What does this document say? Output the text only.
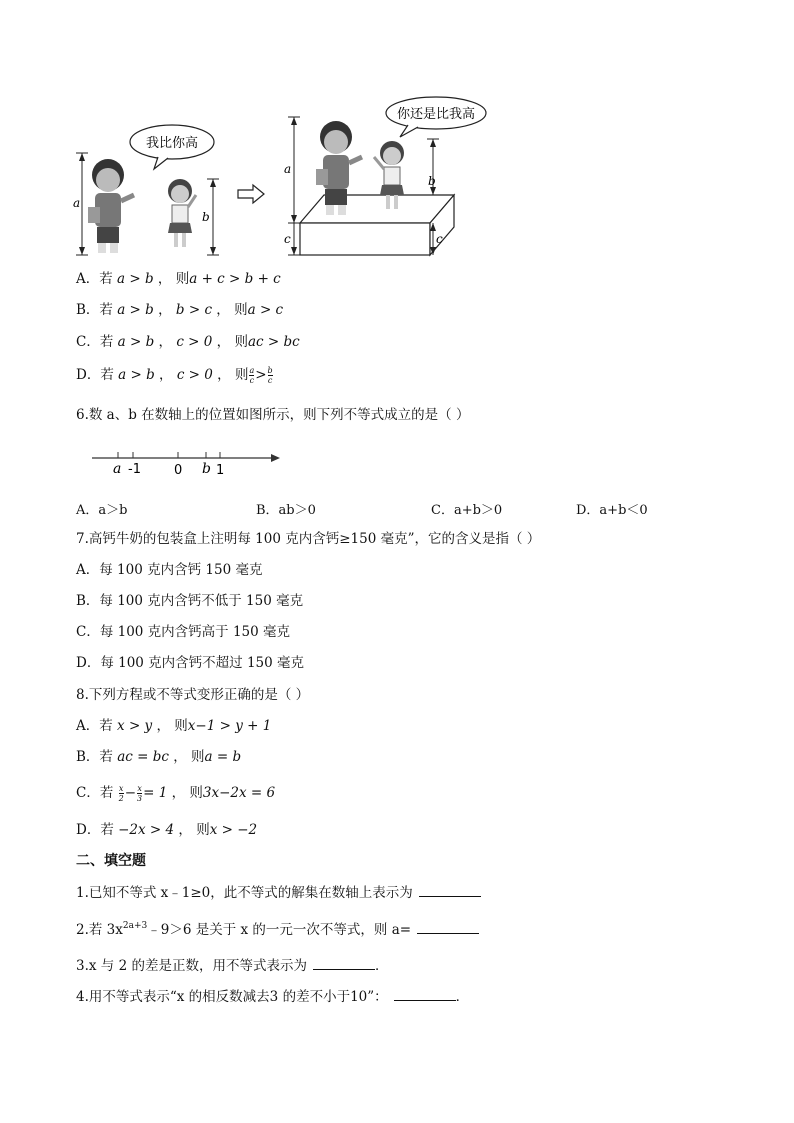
我比你高
a
b
a
c
你还是比我高
b
c
A．若 a > b ， 则a + c > b + c
B．若 a > b ， b > c ， 则a > c
C．若 a > b ， c > 0 ， 则ac > bc
D．若 a > b ， c > 0 ， 则 $\frac{a}{c} > \frac{b}{c}$
6.数 a、b 在数轴上的位置如图所示，则下列不等式成立的是（ ）
a -1	0 b 1
A．a＞b	B．ab＞0	C．a+b＞0	D．a+b＜0
7.高钙牛奶的包装盒上注明每 100 克内含钙≥150 毫克”，它的含义是指（ ）
A．每 100 克内含钙 150 毫克
B．每 100 克内含钙不低于 150 毫克
C．每 100 克内含钙高于 150 毫克
D．每 100 克内含钙不超过 150 毫克
8.下列方程或不等式变形正确的是（ ）
A．若 x > y ， 则x−1 > y + 1
B．若 ac = bc ， 则a = b
C．若 $\frac{x}{2} - \frac{x}{3} = 1$ ， 则3x−2x = 6
D．若 −2x > 4 ， 则x > −2
二、填空题
1.已知不等式 x﹣1≥0，此不等式的解集在数轴上表示为
2.若 $3x^{2a+3}﹣9>6$ 是关于 x 的一元一次不等式，则 a=
3.x 与 2 的差是正数，用不等式表示为	．
4.用不等式表示“x 的相反数减去3 的差不小于10”：	．
